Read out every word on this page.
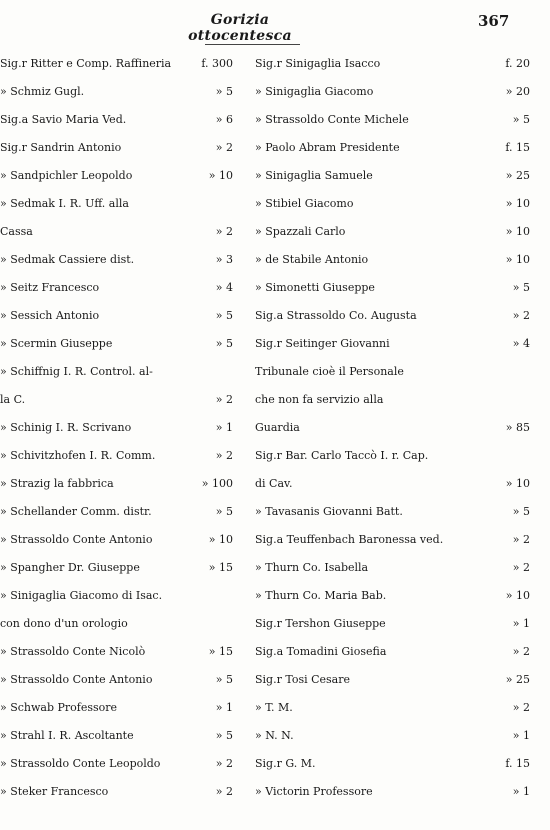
Gorizia ottocentesca
367
Sig.r Ritter e Comp. Raffineria	f. 300
» Schmiz Gugl.	» 5
Sig.a Savio Maria Ved.	» 6
Sig.r Sandrin Antonio	» 2
» Sandpichler Leopoldo	» 10
» Sedmak I. R. Uff. alla
Cassa	» 2
» Sedmak Cassiere dist.	» 3
» Seitz Francesco	» 4
» Sessich Antonio	» 5
» Scermin Giuseppe	» 5
» Schiffnig I. R. Control. al-
la C.	» 2
» Schinig I. R. Scrivano	» 1
» Schivitzhofen I. R. Comm.	» 2
» Strazig la fabbrica	» 100
» Schellander Comm. distr.	» 5
» Strassoldo Conte Antonio	» 10
» Spangher Dr. Giuseppe	» 15
» Sinigaglia Giacomo di Isac.
con dono d'un orologio
» Strassoldo Conte Nicolò	» 15
» Strassoldo Conte Antonio	» 5
» Schwab Professore	» 1
» Strahl I. R. Ascoltante	» 5
» Strassoldo Conte Leopoldo	» 2
» Steker Francesco	» 2
Sig.r Sinigaglia Isacco	f. 20
» Sinigaglia Giacomo	» 20
» Strassoldo Conte Michele	» 5
» Paolo Abram Presidente	f. 15
» Sinigaglia Samuele	» 25
» Stibiel Giacomo	» 10
» Spazzali Carlo	» 10
» de Stabile Antonio	» 10
» Simonetti Giuseppe	» 5
Sig.a Strassoldo Co. Augusta	» 2
Sig.r Seitinger Giovanni	» 4
Tribunale cioè il Personale
che non fa servizio alla
Guardia	» 85
Sig.r Bar. Carlo Taccò I. r. Cap.
di Cav.	» 10
» Tavasanis Giovanni Batt.	» 5
Sig.a Teuffenbach Baronessa ved.	» 2
» Thurn Co. Isabella	» 2
» Thurn Co. Maria Bab.	» 10
Sig.r Tershon Giuseppe	» 1
Sig.a Tomadini Giosefia	» 2
Sig.r Tosi Cesare	» 25
» T. M.	» 2
» N. N.	» 1
Sig.r G. M.	f. 15
» Victorin Professore	» 1
